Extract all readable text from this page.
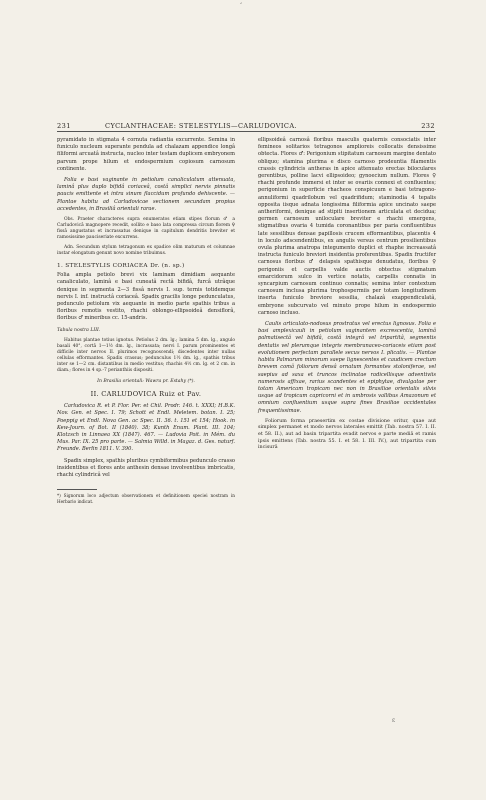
ʻ
231	CYCLANTHACEAE: STELESTYLIS—CARLUDOVICA.	232

pyramidato in stigmata 4 cornuta radiantia excurrente. Semina in funiculo nucleum superante pendula ad chalazam appendice longâ filiformi arcuatâ instructa, nucleo inter testam duplicem embryonem parvum prope hilum et endospermium copiosum carnosum continente.

Folia e basi vaginante in petiolum canaliculatum attenuata, laminâ plus duplo bifidâ coriaceâ, costâ simplici nervis pinnatis paucis emittente et intra sinum flaccidum profundo dehiscente. — Plantae habitu ad Carludovicae sectionem secundam propius accedentes, in Brasiliâ orientali rarae.

Obs. Praeter characteres supra enumeratos etiam stipes florum ♂ a Carludovicâ magnopere recedit, sollito e baso lata compressa circum florem ♀ fissâ angustatus et incrassatus denique in capitulum dendritis breviter et ramosissime pauciseriate excurrens.

Adn. Secundum stylum tetragonum ex spadice olim maturum et columnae instar elongatum genunt novo nomine tribuimus.

1. STELESTYLIS CORIACEA Dr. (n. sp.)

Folia ampla petiolo brevi vix laminam dimidiam aequante canaliculato, laminâ e basi cuneatâ rectâ bifidâ, furcâ utrâque denique in segmenta 2—3 fissâ nervis I. sup. ternis totidemque nervis I. inf. instructâ coriaceâ. Spadix gracilis longe pedunculatus, pedunculo petiolum vix aequante in medio parte spathis tribus a floribus remotis vestito, rhachi oblongo-ellipsoideâ densiflorâ, floribus ♂ mineribus cc. 15-andris.

Tabula nostra LIII.

Habitus plantae totius ignotus. Petiolus 2 dm. lg.; lamina 5 dm. lg., angulo basali 40°, cortâ 1—1½ dm. lg., incrassata; nervi I. parum prominentes et difficile inter nervos II. plurimos recognoscendi; discedentes inter nullas cellulas efformantes. Spadix crassus; pedunculus 1½ dm. lg., spathis tribus inter se 1—2 cm. distantibus in medio vestitus; rhachis 4½ cm. lg. et 2 cm. in diam.; flores in 4 sp.-7 perianthiis dispositi.

In Brasilia orientali: Wawra pr. Estahy (*).
II. CARLUDOVICA Ruiz et Pav.

Carludovica R. et P. Flor. Per. et Chil. Prodr. 146. t. XXXI; H.B.K. Nov. Gen. et Spec. I. 79; Schott et Endl. Meletem. botan. I. 25; Poeppig et Endl. Nova Gen. ac Spec. II. 36. t. 151 et 154; Hook. in Kew-Journ. of Bot. II (1840). 38; Kunth Enum. Plant. III. 104; Klotzsch in Linnaea XX (1847). 467. — Ludovia Poit. in Mém. du Mus. Par. IX. 25 pro parte. — Salmia Willd. in Magaz. d. Ges. naturf. Freunde. Berlin 1811. V. 390.

Spadix simplex, spathis pluribus cymbiformibus pedunculo crasso insidentibus et flores ante anthesin densae involventibus imbricatis, rhachi cylindricâ vel

*) Signorum loco adjectum observationem et definitionem speciei nostram in Herbario indicat.

ellipsoideâ carnosâ floribus masculis quaternis consociatis inter femineos solitarios tetragonos amplioreis collocatis densissime obtecta. Flores ♂: Perigonium stipitatum carnosum margine dentato obliquo; stamina plurima e disco carnoso prodeuntia filamentis crassis cylindricis antheras in apice attenuato erectas biloculares gerentibus, polline lacvi ellipsoideo; gynoecium nullum. Flores ♀ rhachi profunde immersi et inter se ovariis connexi et confluentes; perigonium in superficie rhacheos conspicuum e basi tetragono-annuliformi quadrilobum vel quadrifidum; staminodia 4 tepalis opposita iisque adnata longissima filiformia apice uncinato saepe antheriformi, denique ad stipiti insertionem articulata et decidua; germen carnosum uniloculare breviter e rhachi emergens, stigmatibus ovaria 4 tumida coronantibus per paria confluentibus late sessilibus densae papillosis crucem efformantibus, placentis 4 in loculo adscendentibus, ex angulis versus centrum prosilientibus ovula plurima anatropa integumento duplici et rhaphe increassatâ instructa funiculo breviori insidentia proferentibus. Spadix fructifer carnosus floribus ♂ delapsis spathisque denudatus, floribus ♀ perigoniis et carpellis valde auctis obtectus stigmatum emarcidorum sulco in vertice notatis, carpellis connatis in syncarpium carnosum continuo connatis; semina inter contextum carnosum inclusa plurima trophospermiis per totam longitudinem inserta funiculo breviore sessilia, chalazâ exappendiculatâ, embryone subcurvato vel minuto prope hilum in endospermio carnoso incluso.

Caulis articulato-nodosus prostratus vel erectus lignosus. Folia e basi amplexicauli in petiolum vaginantem excrescentia, laminâ palmatisectâ vel bifidâ, costâ integrâ vel tripartitâ, segmentis dentatis vel plerumque integris membranaceo-coriaceis etiam post evolutionem perfectam parallele secus nervos I. plicatis. — Plantae habitu Palmarum minorum saepe lignescentes et caudicem crectum brevem comâ foliorum densâ ornatum formantes stoloniferae, vel saepius ad saxa et truncos inclinatae radicellisque adventiviis numerosis affixae, rarius scandentes et epiphytae, divulgatae per totam Americam tropicam nec non in Brasiliae orientalis silvis usque ad tropicum capricorni et in umbrosis vallibus Amazonum et omnium confluentium usque supra fines Brasiliae occidentales frequentissimae.

Foliorum forma praesertim ex costae divisione oritur, quae aut simplex permanet et modo nervos laterales emittit (Tab. nostra 57. I. II. et 58. II.), aut ad basin tripartita evadit nervos e parte mediâ et ramis ipsis emittens (Tab. nostra 55. I. et 58. I. III. IV.), aut tripartita cum incisurâ

ε
